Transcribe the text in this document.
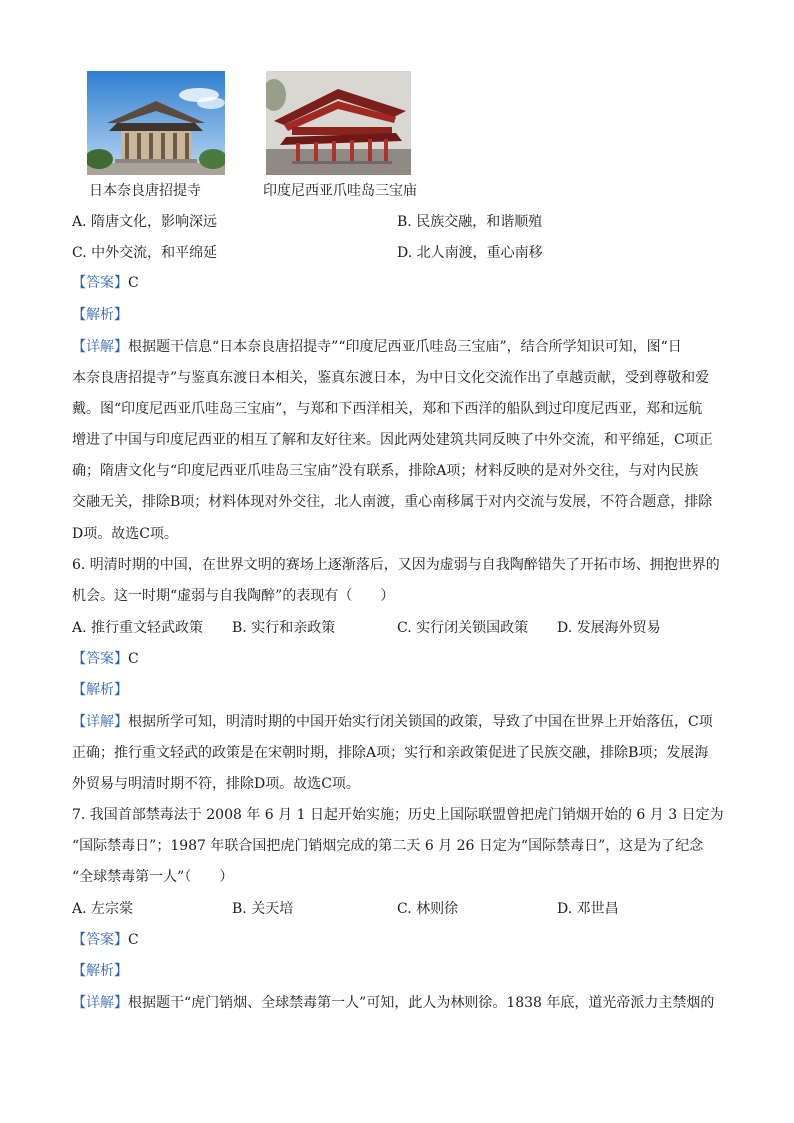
日本奈良唐招提寺	印度尼西亚爪哇岛三宝庙
A. 隋唐文化，影响深远	B. 民族交融，和谐顺殖
C. 中外交流，和平绵延	D. 北人南渡，重心南移
【答案】C
【解析】
【详解】根据题干信息“日本奈良唐招提寺”“印度尼西亚爪哇岛三宝庙”，结合所学知识可知，图“日
本奈良唐招提寺”与鉴真东渡日本相关，鉴真东渡日本，为中日文化交流作出了卓越贡献，受到尊敬和爱
戴。图“印度尼西亚爪哇岛三宝庙”，与郑和下西洋相关，郑和下西洋的船队到过印度尼西亚，郑和远航
增进了中国与印度尼西亚的相互了解和友好往来。因此两处建筑共同反映了中外交流，和平绵延，C项正
确；隋唐文化与“印度尼西亚爪哇岛三宝庙”没有联系，排除A项；材料反映的是对外交往，与对内民族
交融无关，排除B项；材料体现对外交往，北人南渡，重心南移属于对内交流与发展，不符合题意，排除
D项。故选C项。
6. 明清时期的中国，在世界文明的赛场上逐渐落后，又因为虚弱与自我陶醉错失了开拓市场、拥抱世界的
机会。这一时期“虚弱与自我陶醉”的表现有（　　）
A. 推行重文轻武政策 B. 实行和亲政策	C. 实行闭关锁国政策 D. 发展海外贸易
【答案】C
【解析】
【详解】根据所学可知，明清时期的中国开始实行闭关锁国的政策，导致了中国在世界上开始落伍，C项
正确；推行重文轻武的政策是在宋朝时期，排除A项；实行和亲政策促进了民族交融，排除B项；发展海
外贸易与明清时期不符，排除D项。故选C项。
7. 我国首部禁毒法于 2008 年 6 月 1 日起开始实施；历史上国际联盟曾把虎门销烟开始的 6 月 3 日定为
“国际禁毒日”；1987 年联合国把虎门销烟完成的第二天 6 月 26 日定为“国际禁毒日”，这是为了纪念
“全球禁毒第一人”（　　）
A. 左宗棠	B. 关天培	C. 林则徐	D. 邓世昌
【答案】C
【解析】
【详解】根据题干“虎门销烟、全球禁毒第一人”可知，此人为林则徐。1838 年底，道光帝派力主禁烟的
